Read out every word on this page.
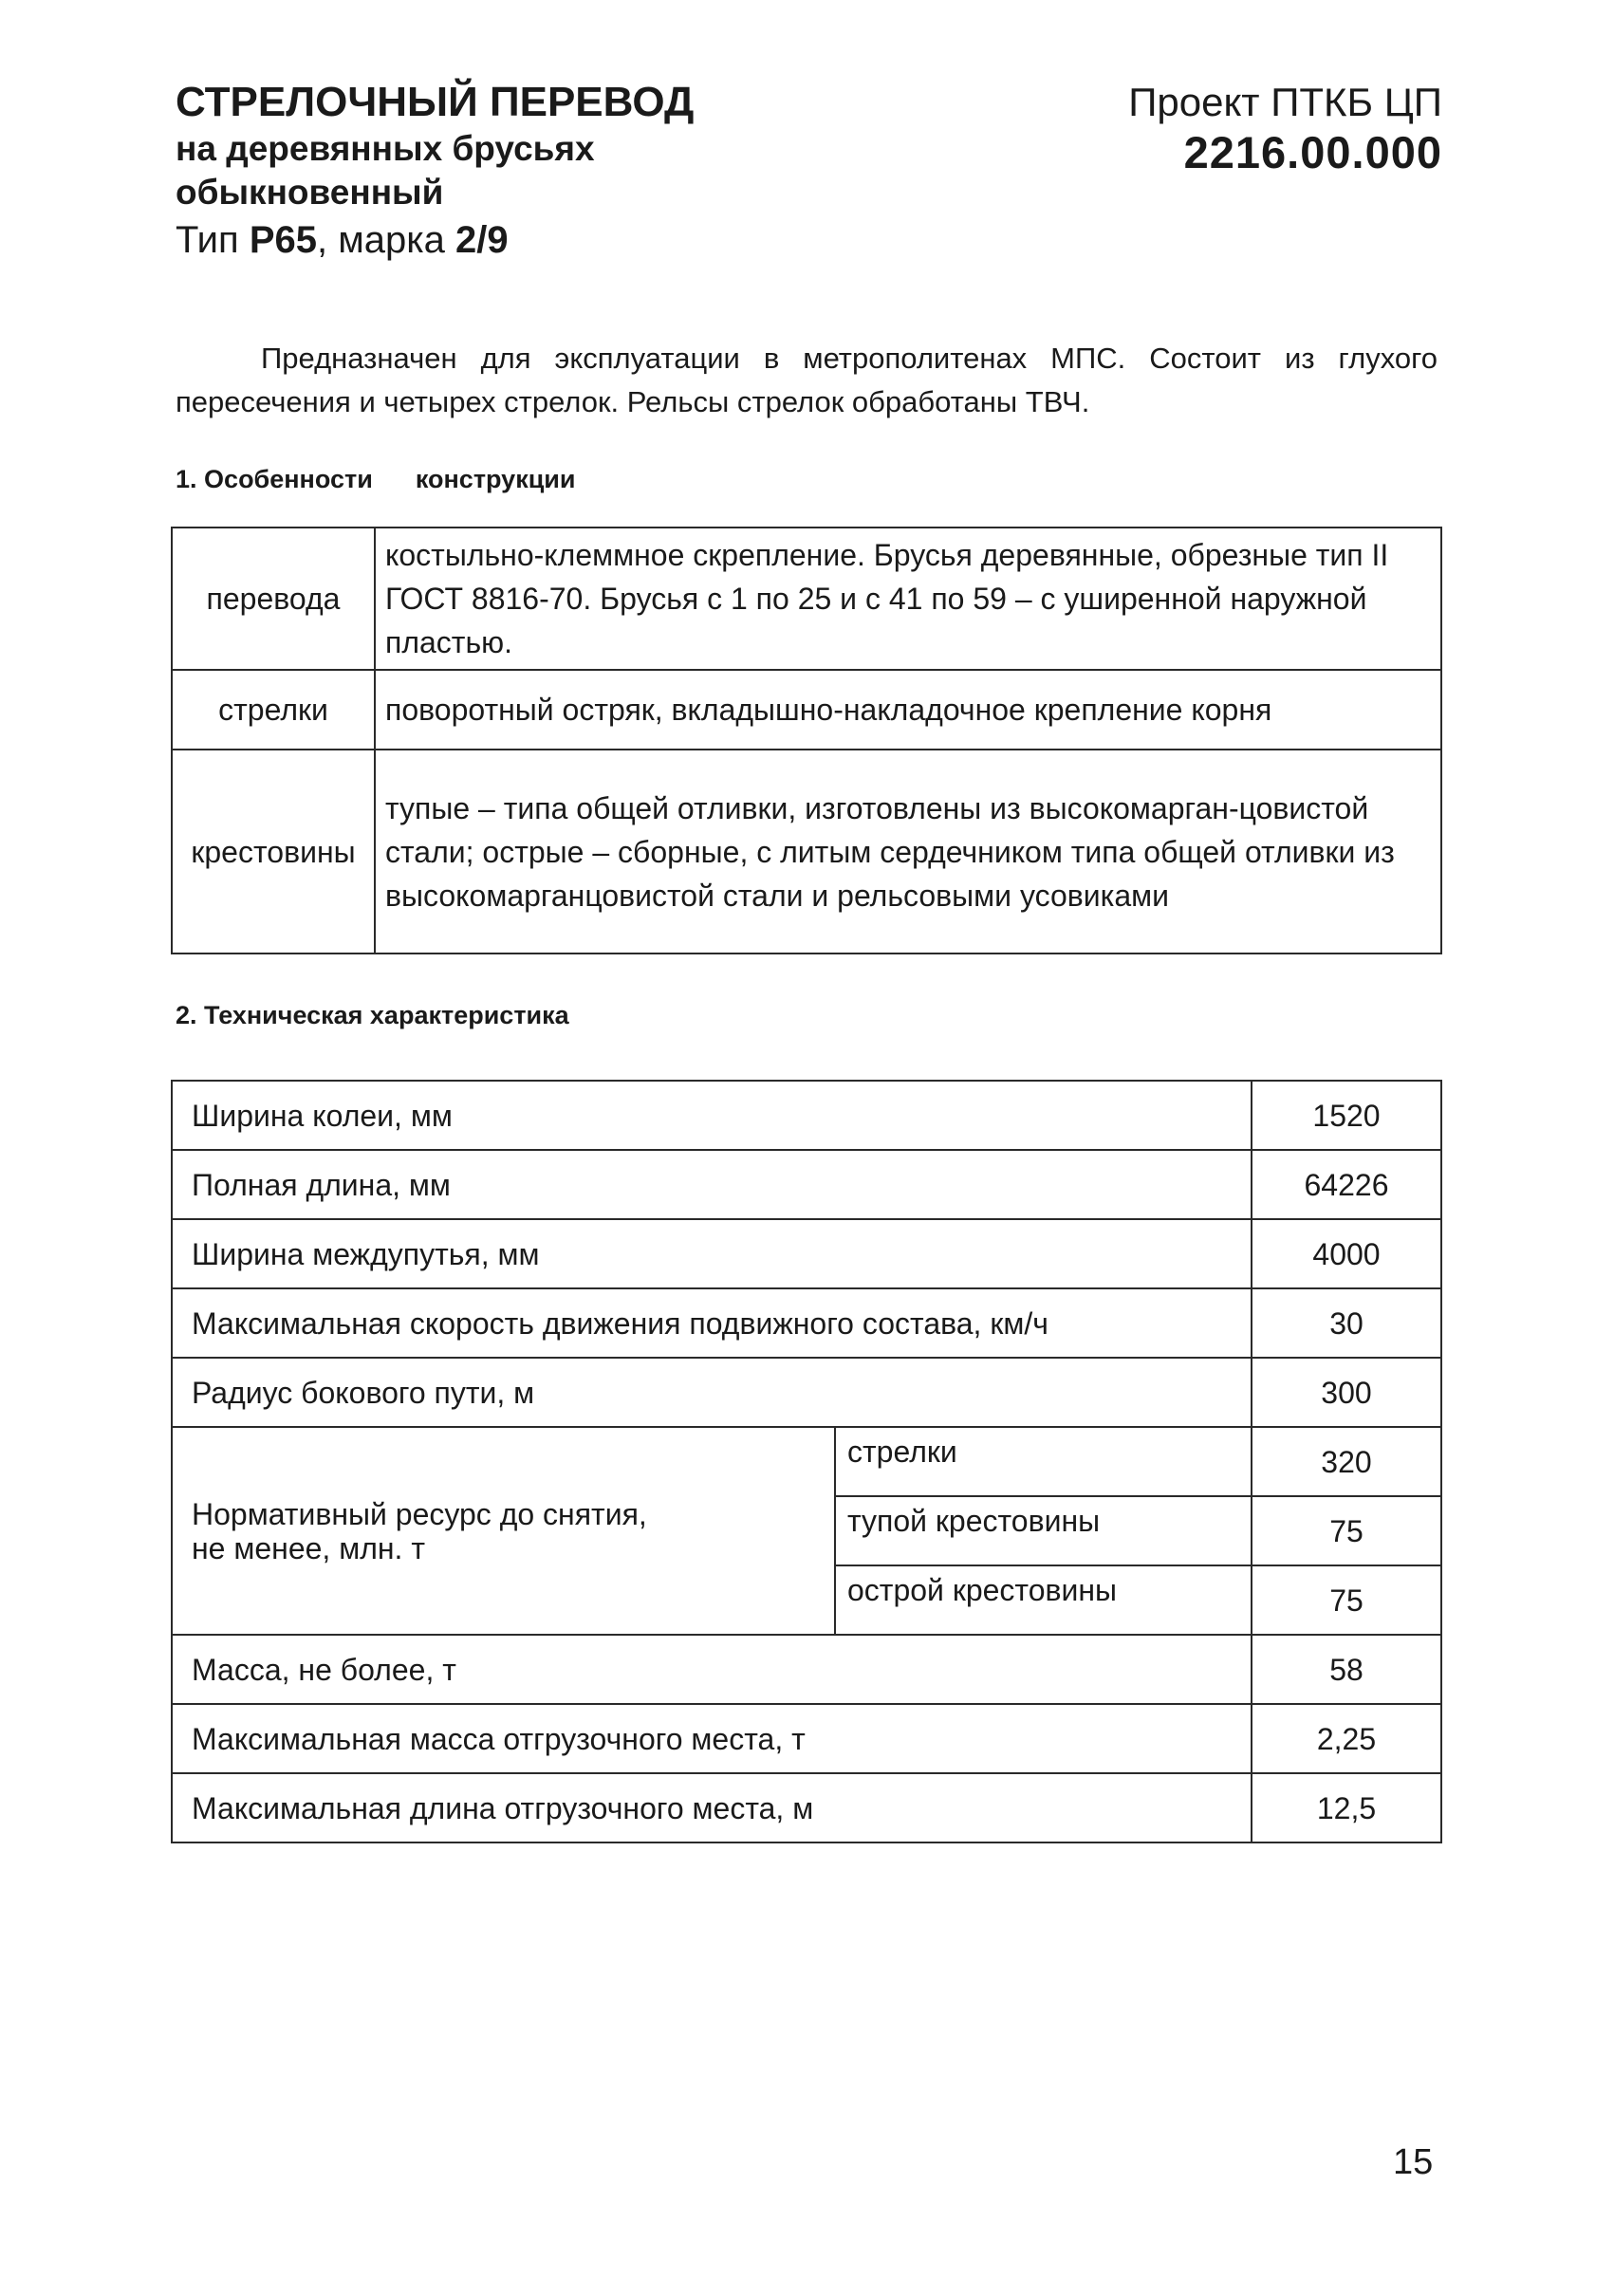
СТРЕЛОЧНЫЙ ПЕРЕВОД
на деревянных брусьях
обыкновенный
Тип Р65, марка 2/9
Проект ПТКБ ЦП
2216.00.000
Предназначен для эксплуатации в метрополитенах МПС. Состоит из глухого пересечения и четырех стрелок. Рельсы стрелок обработаны ТВЧ.
1. Особенности конструкции
перевода	костыльно-клеммное скрепление. Брусья деревянные, обрезные тип II ГОСТ 8816-70. Брусья с 1 по 25 и с 41 по 59 – с уширенной наружной пластью.
стрелки	поворотный остряк, вкладышно-накладочное крепление корня
крестовины	тупые – типа общей отливки, изготовлены из высокомарган-цовистой стали; острые – сборные, с литым сердечником типа общей отливки из высокомарганцовистой стали и рельсовыми усовиками
2. Техническая характеристика
Ширина колеи, мм		1520
Полная длина, мм		64226
Ширина междупутья, мм		4000
Максимальная скорость движения подвижного состава, км/ч		30
Радиус бокового пути, м		300
Нормативный ресурс до снятия,
не менее, млн. т	стрелки	320
	тупой крестовины	75
	острой крестовины	75
Масса, не более, т		58
Максимальная масса отгрузочного места, т		2,25
Максимальная длина отгрузочного места, м		12,5
15
